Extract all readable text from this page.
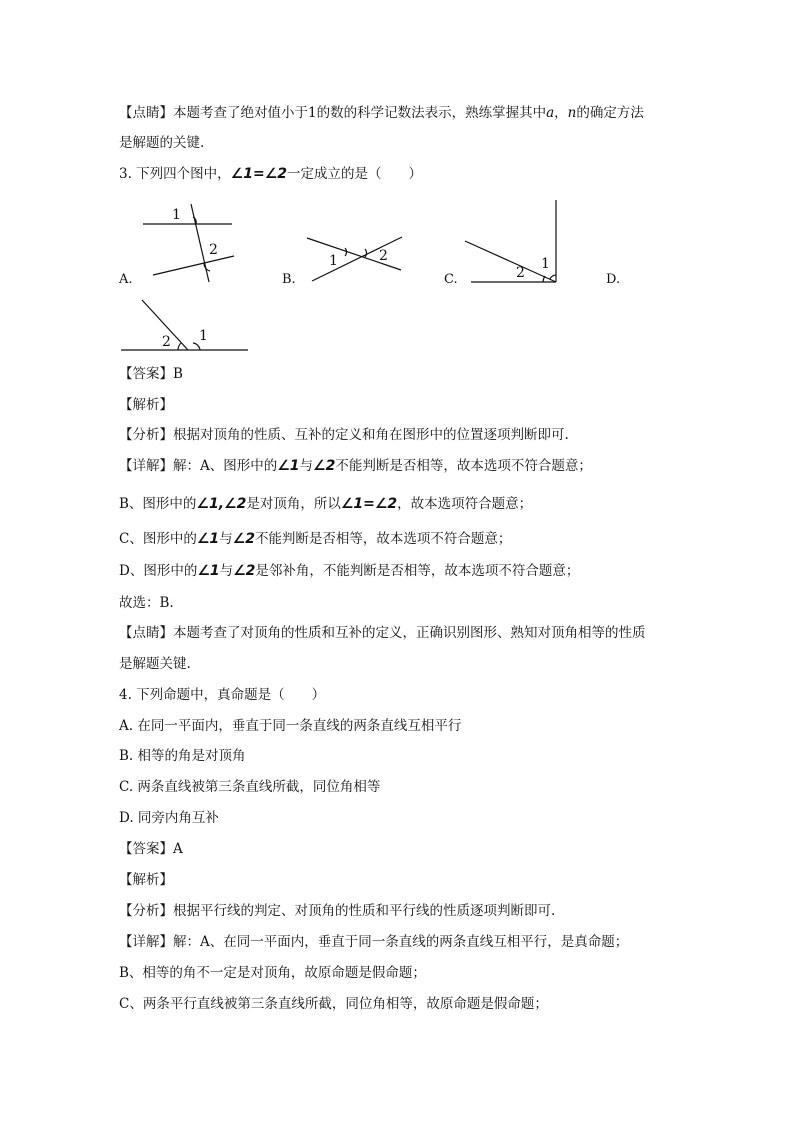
【点睛】本题考查了绝对值小于1的数的科学记数法表示，熟练掌握其中a，n的确定方法
是解题的关键.
3. 下列四个图中，∠1=∠2一定成立的是（　　）
1
2
1	2
2
1
2 1
A.	B.	C.	D.
【答案】B
【解析】
【分析】根据对顶角的性质、互补的定义和角在图形中的位置逐项判断即可.
【详解】解：A、图形中的∠1与∠2不能判断是否相等，故本选项不符合题意；
B、图形中的∠1,∠2是对顶角，所以∠1=∠2，故本选项符合题意；
C、图形中的∠1与∠2不能判断是否相等，故本选项不符合题意；
D、图形中的∠1与∠2是邻补角，不能判断是否相等，故本选项不符合题意；
故选：B.
【点睛】本题考查了对顶角的性质和互补的定义，正确识别图形、熟知对顶角相等的性质
是解题关键.
4. 下列命题中，真命题是（　　）
A. 在同一平面内，垂直于同一条直线的两条直线互相平行
B. 相等的角是对顶角
C. 两条直线被第三条直线所截，同位角相等
D. 同旁内角互补
【答案】A
【解析】
【分析】根据平行线的判定、对顶角的性质和平行线的性质逐项判断即可.
【详解】解：A、在同一平面内，垂直于同一条直线的两条直线互相平行，是真命题；
B、相等的角不一定是对顶角，故原命题是假命题；
C、两条平行直线被第三条直线所截，同位角相等，故原命题是假命题；
